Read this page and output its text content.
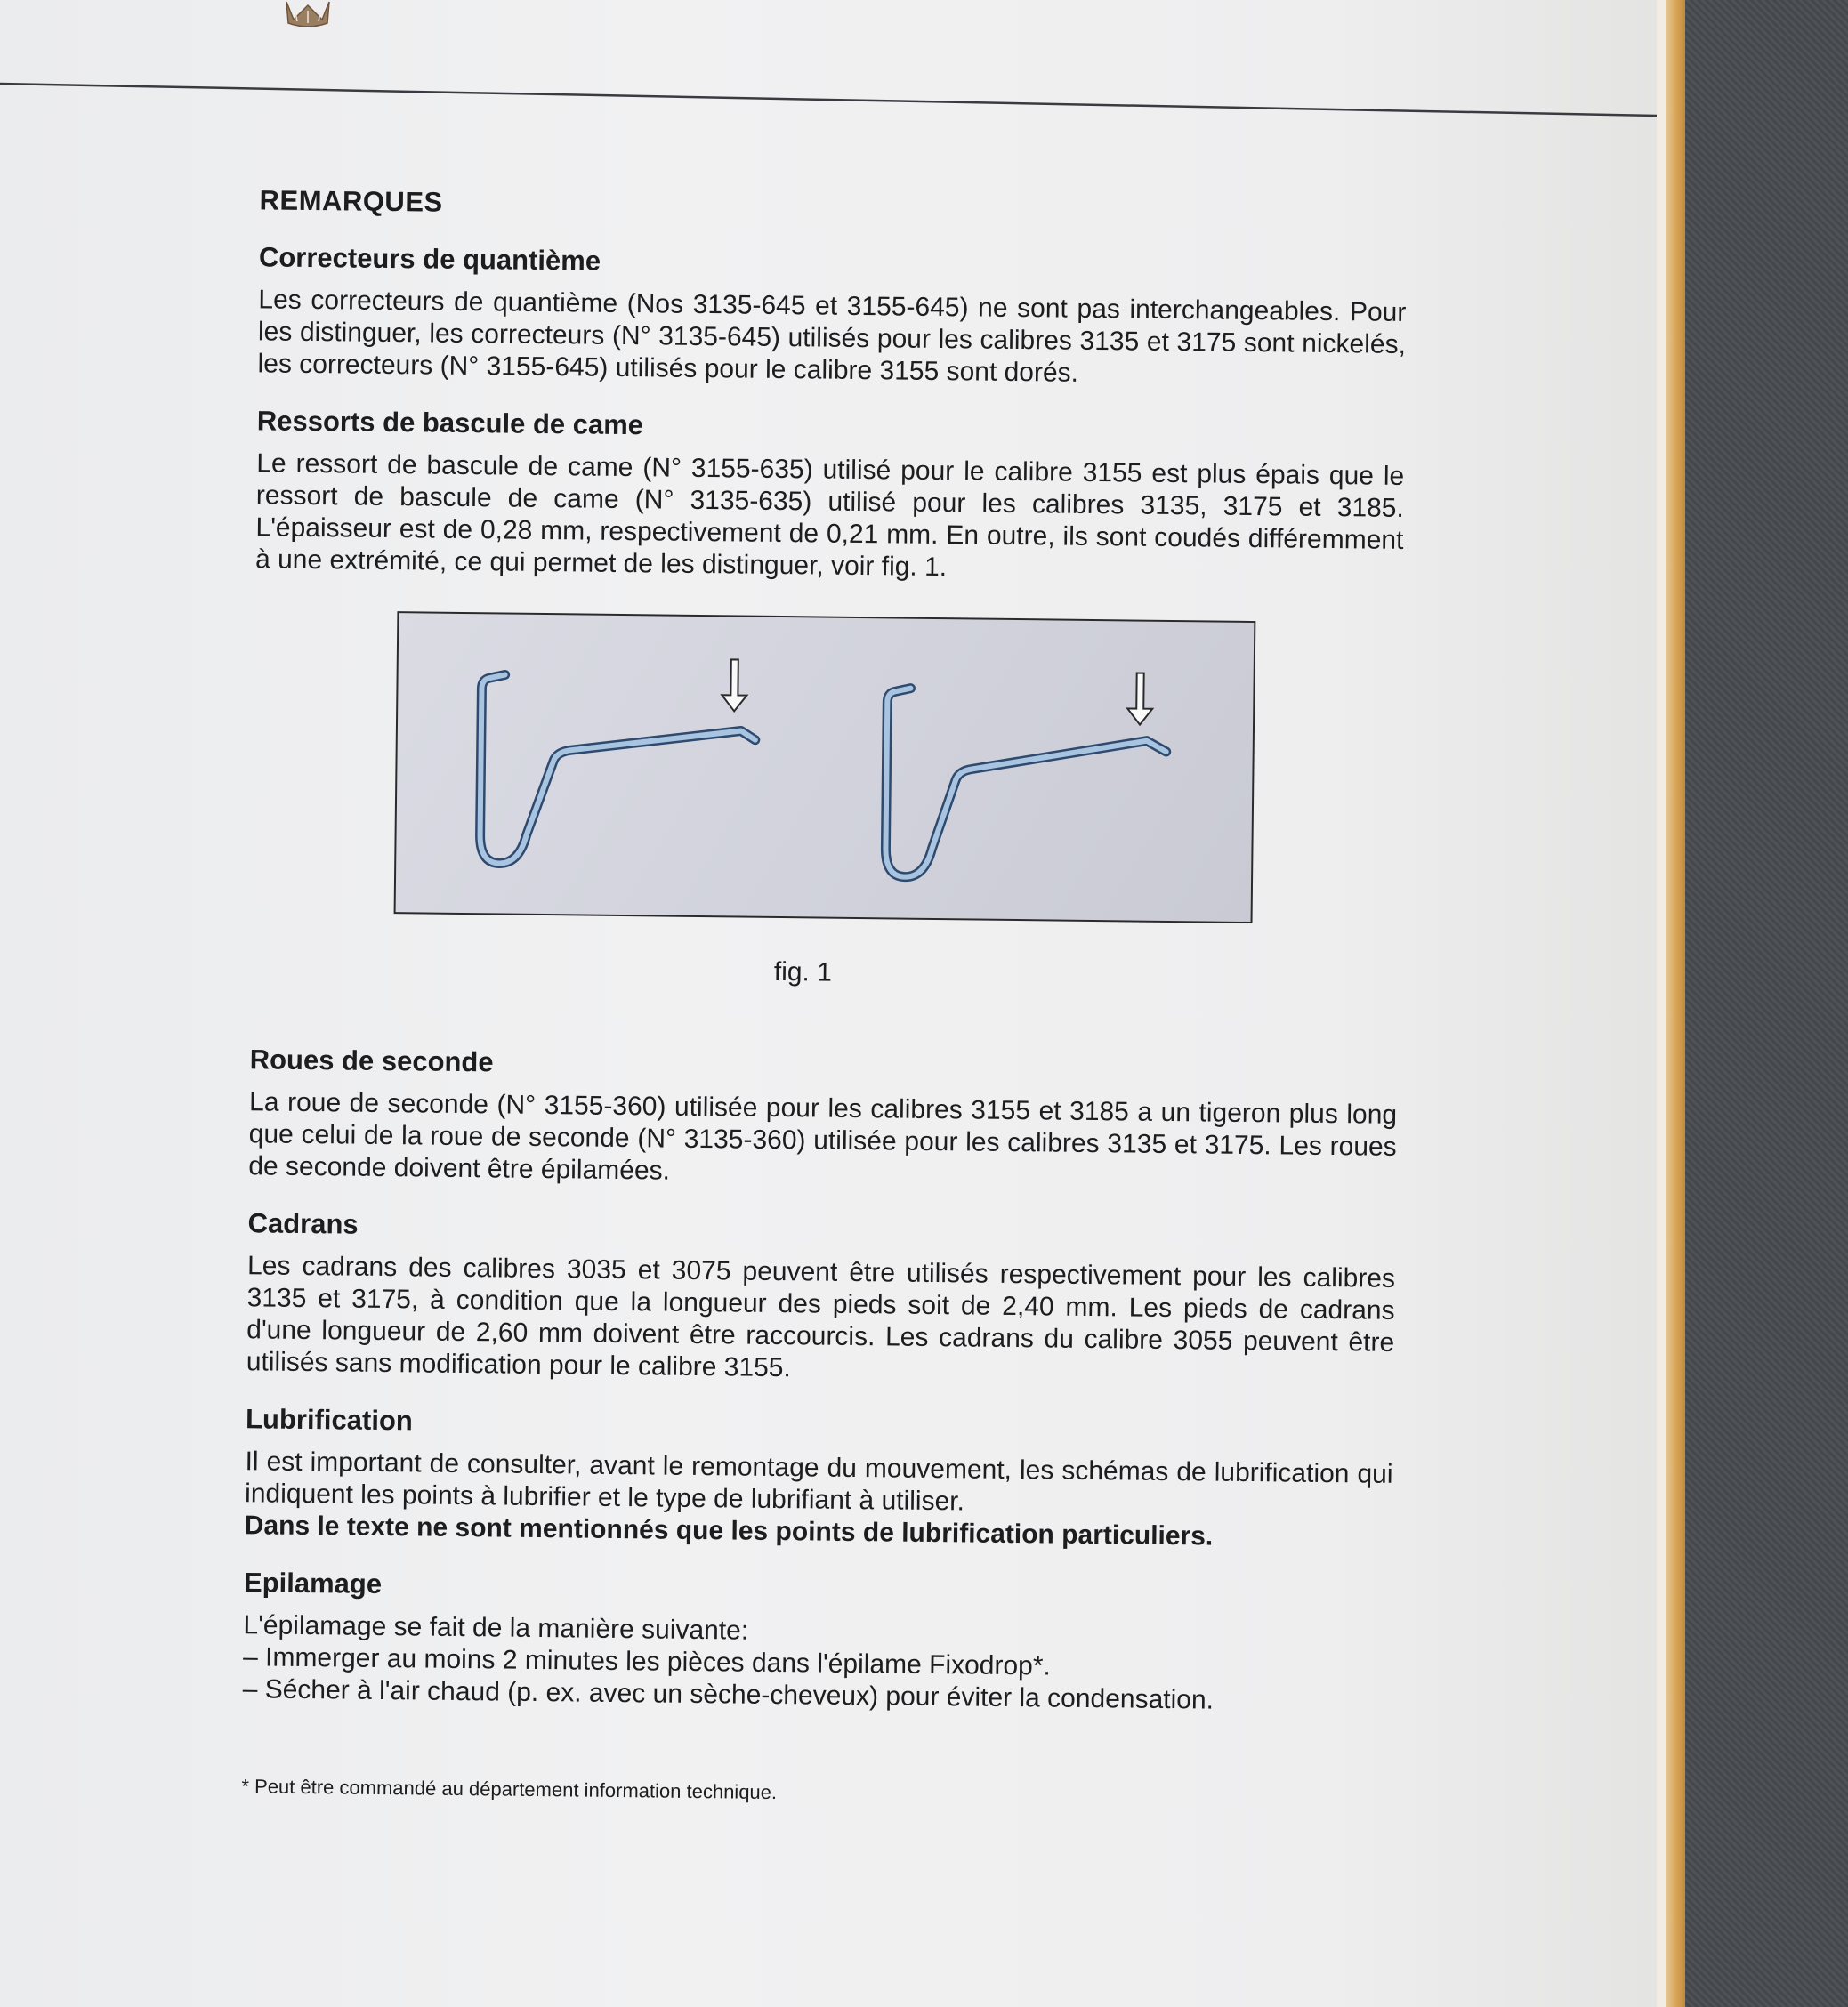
REMARQUES
Correcteurs de quantième
Les correcteurs de quantième (Nos 3135-645 et 3155-645) ne sont pas interchangeables. Pour les distinguer, les correcteurs (N° 3135-645) utilisés pour les calibres 3135 et 3175 sont nickelés, les correcteurs (N° 3155-645) utilisés pour le calibre 3155 sont dorés.
Ressorts de bascule de came
Le ressort de bascule de came (N° 3155-635) utilisé pour le calibre 3155 est plus épais que le ressort de bascule de came (N° 3135-635) utilisé pour les calibres 3135, 3175 et 3185. L'épaisseur est de 0,28 mm, respectivement de 0,21 mm. En outre, ils sont coudés différemment à une extrémité, ce qui permet de les distinguer, voir fig. 1.
fig. 1
Roues de seconde
La roue de seconde (N° 3155-360) utilisée pour les calibres 3155 et 3185 a un tigeron plus long que celui de la roue de seconde (N° 3135-360) utilisée pour les calibres 3135 et 3175. Les roues de seconde doivent être épilamées.
Cadrans
Les cadrans des calibres 3035 et 3075 peuvent être utilisés respectivement pour les calibres 3135 et 3175, à condition que la longueur des pieds soit de 2,40 mm. Les pieds de cadrans d'une longueur de 2,60 mm doivent être raccourcis. Les cadrans du calibre 3055 peuvent être utilisés sans modification pour le calibre 3155.
Lubrification
Il est important de consulter, avant le remontage du mouvement, les schémas de lubrification qui indiquent les points à lubrifier et le type de lubrifiant à utiliser.
Dans le texte ne sont mentionnés que les points de lubrification particuliers.
Epilamage
L'épilamage se fait de la manière suivante:
– Immerger au moins 2 minutes les pièces dans l'épilame Fixodrop*.
– Sécher à l'air chaud (p. ex. avec un sèche-cheveux) pour éviter la condensation.
* Peut être commandé au département information technique.
